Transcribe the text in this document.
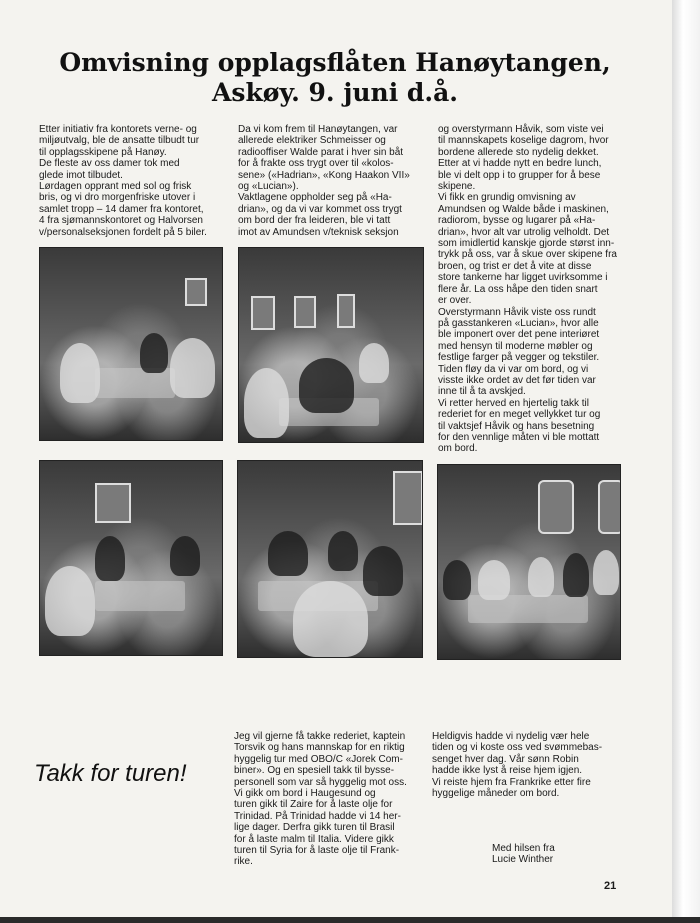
Omvisning opplagsflåten Hanøytangen,
Askøy. 9. juni d.å.
Etter initiativ fra kontorets verne- og
miljøutvalg, ble de ansatte tilbudt tur
til opplagsskipene på Hanøy.
De fleste av oss damer tok med
glede imot tilbudet.
Lørdagen opprant med sol og frisk
bris, og vi dro morgenfriske utover i
samlet tropp – 14 damer fra kontoret,
4 fra sjømannskontoret og Halvorsen
v/personalseksjonen fordelt på 5 biler.
Da vi kom frem til Hanøytangen, var
allerede elektriker Schmeisser og
radiooffiser Walde parat i hver sin båt
for å frakte oss trygt over til «kolos-
sene» («Hadrian», «Kong Haakon VII»
og «Lucian»).
Vaktlagene oppholder seg på «Ha-
drian», og da vi var kommet oss trygt
om bord der fra leideren, ble vi tatt
imot av Amundsen v/teknisk seksjon
og overstyrmann Håvik, som viste vei
til mannskapets koselige dagrom, hvor
bordene allerede sto nydelig dekket.
Etter at vi hadde nytt en bedre lunch,
ble vi delt opp i to grupper for å bese
skipene.
Vi fikk en grundig omvisning av
Amundsen og Walde både i maskinen,
radiorom, bysse og lugarer på «Ha-
drian», hvor alt var utrolig velholdt. Det
som imidlertid kanskje gjorde størst inn-
trykk på oss, var å skue over skipene fra
broen, og trist er det å vite at disse
store tankerne har ligget uvirksomme i
flere år. La oss håpe den tiden snart
er over.
Overstyrmann Håvik viste oss rundt
på gasstankeren «Lucian», hvor alle
ble imponert over det pene interiøret
med hensyn til moderne møbler og
festlige farger på vegger og tekstiler.
Tiden fløy da vi var om bord, og vi
visste ikke ordet av det før tiden var
inne til å ta avskjed.
Vi retter herved en hjertelig takk til
rederiet for en meget vellykket tur og
til vaktsjef Håvik og hans besetning
for den vennlige måten vi ble mottatt
om bord.
Takk for turen!
Jeg vil gjerne få takke rederiet, kaptein
Torsvik og hans mannskap for en riktig
hyggelig tur med OBO/C «Jorek Com-
biner». Og en spesiell takk til bysse-
personell som var så hyggelig mot oss.
Vi gikk om bord i Haugesund og
turen gikk til Zaire for å laste olje for
Trinidad. På Trinidad hadde vi 14 her-
lige dager. Derfra gikk turen til Brasil
for å laste malm til Italia. Videre gikk
turen til Syria for å laste olje til Frank-
rike.
Heldigvis hadde vi nydelig vær hele
tiden og vi koste oss ved svømmebas-
senget hver dag. Vår sønn Robin
hadde ikke lyst å reise hjem igjen.
Vi reiste hjem fra Frankrike etter fire
hyggelige måneder om bord.
Med hilsen fra
Lucie Winther
21
